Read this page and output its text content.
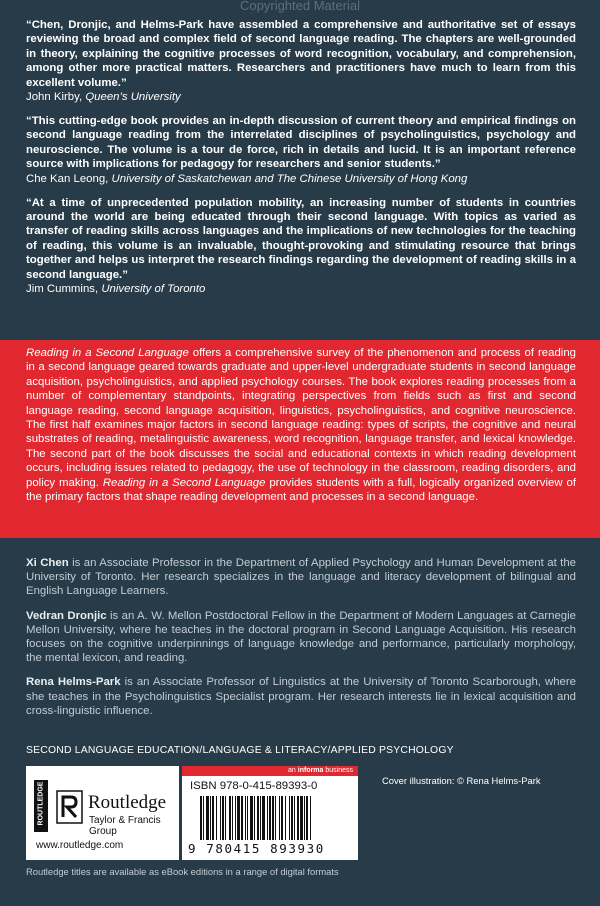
Copyrighted Material

“Chen, Dronjic, and Helms-Park have assembled a comprehensive and authoritative set of essays reviewing the broad and complex field of second language reading. The chapters are well-grounded in theory, explaining the cognitive processes of word recognition, vocabulary, and comprehension, among other more practical matters. Researchers and practitioners have much to learn from this excellent volume.”

John Kirby, Queen’s University

“This cutting-edge book provides an in-depth discussion of current theory and empirical findings on second language reading from the interrelated disciplines of psycholinguistics, psychology and neuroscience. The volume is a tour de force, rich in details and lucid. It is an important reference source with implications for pedagogy for researchers and senior students.”

Che Kan Leong, University of Saskatchewan and The Chinese University of Hong Kong

“At a time of unprecedented population mobility, an increasing number of students in countries around the world are being educated through their second language. With topics as varied as transfer of reading skills across languages and the implications of new technologies for the teaching of reading, this volume is an invaluable, thought-provoking and stimulating resource that brings together and helps us interpret the research findings regarding the development of reading skills in a second language.”

Jim Cummins, University of Toronto

Reading in a Second Language offers a comprehensive survey of the phenomenon and process of reading in a second language geared towards graduate and upper-level undergraduate students in second language acquisition, psycholinguistics, and applied psychology courses. The book explores reading processes from a number of complementary standpoints, integrating perspectives from fields such as first and second language reading, second language acquisition, linguistics, psycholinguistics, and cognitive neuroscience. The first half examines major factors in second language reading: types of scripts, the cognitive and neural substrates of reading, metalinguistic awareness, word recognition, language transfer, and lexical knowledge. The second part of the book discusses the social and educational contexts in which reading development occurs, including issues related to pedagogy, the use of technology in the classroom, reading disorders, and policy making. Reading in a Second Language provides students with a full, logically organized overview of the primary factors that shape reading development and processes in a second language.

Xi Chen is an Associate Professor in the Department of Applied Psychology and Human Development at the University of Toronto. Her research specializes in the language and literacy development of bilingual and English Language Learners.

Vedran Dronjic is an A. W. Mellon Postdoctoral Fellow in the Department of Modern Languages at Carnegie Mellon University, where he teaches in the doctoral program in Second Language Acquisition. His research focuses on the cognitive underpinnings of language knowledge and performance, particularly morphology, the mental lexicon, and reading.

Rena Helms-Park is an Associate Professor of Linguistics at the University of Toronto Scarborough, where she teaches in the Psycholinguistics Specialist program. Her research interests lie in lexical acquisition and cross-linguistic influence.

SECOND LANGUAGE EDUCATION/LANGUAGE & LITERACY/APPLIED PSYCHOLOGY
ROUTLEDGE Routledge
Taylor & Francis Group
www.routledge.com
an informa business
ISBN 978-0-415-89393-0
9 780415 893930
Cover illustration: © Rena Helms-Park
Routledge titles are available as eBook editions in a range of digital formats
